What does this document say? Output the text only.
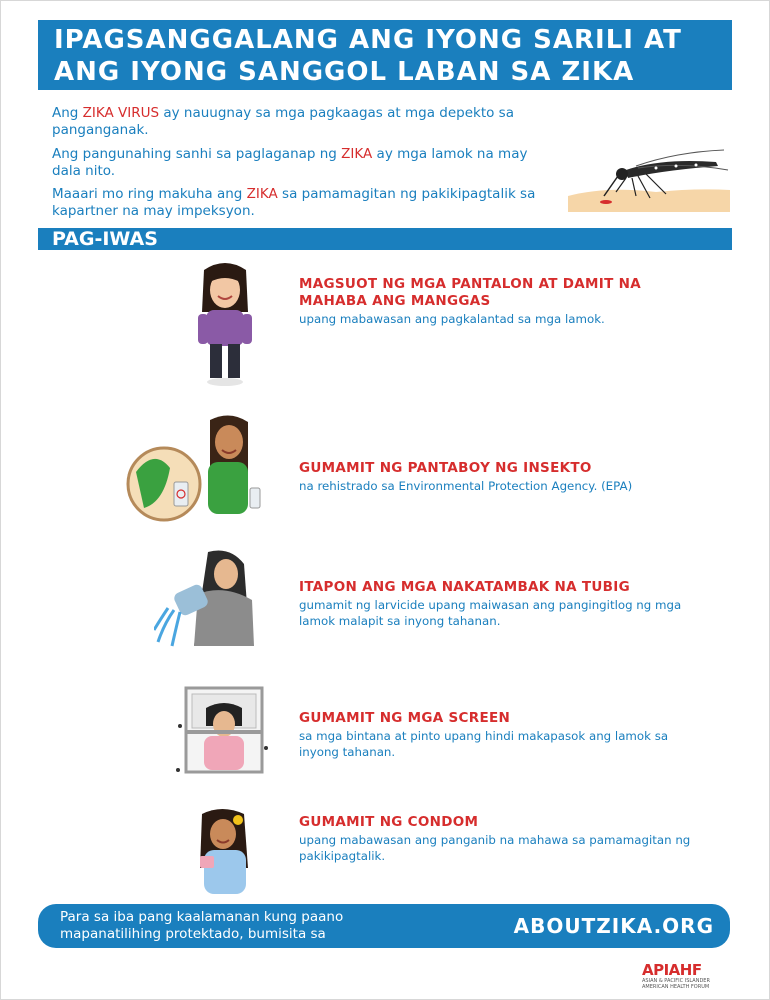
IPAGSANGGALANG ANG IYONG SARILI AT
ANG IYONG SANGGOL LABAN SA ZIKA
Ang ZIKA VIRUS ay nauugnay sa mga pagkaagas at mga depekto sa panganganak.
Ang pangunahing sanhi sa paglaganap ng ZIKA ay mga lamok na may dala nito.
Maaari mo ring makuha ang ZIKA sa pamamagitan ng pakikipagtalik sa kapartner na may impeksyon.
PAG-IWAS
MAGSUOT NG MGA PANTALON AT DAMIT NA MAHABA ANG MANGGAS
upang mabawasan ang pagkalantad sa mga lamok.
GUMAMIT NG PANTABOY NG INSEKTO
na rehistrado sa Environmental Protection Agency. (EPA)
ITAPON ANG MGA NAKATAMBAK NA TUBIG
gumamit ng larvicide upang maiwasan ang pangingitlog ng mga lamok malapit sa inyong tahanan.
GUMAMIT NG MGA SCREEN
sa mga bintana at pinto upang hindi makapasok ang lamok sa inyong tahanan.
GUMAMIT NG CONDOM
upang mabawasan ang panganib na mahawa sa pamamagitan ng pakikipagtalik.
Para sa iba pang kaalamanan kung paano mapanatilihing protektado, bumisita sa	ABOUTZIKA.ORG
APIAHF
ASIAN & PACIFIC ISLANDER
AMERICAN HEALTH FORUM
